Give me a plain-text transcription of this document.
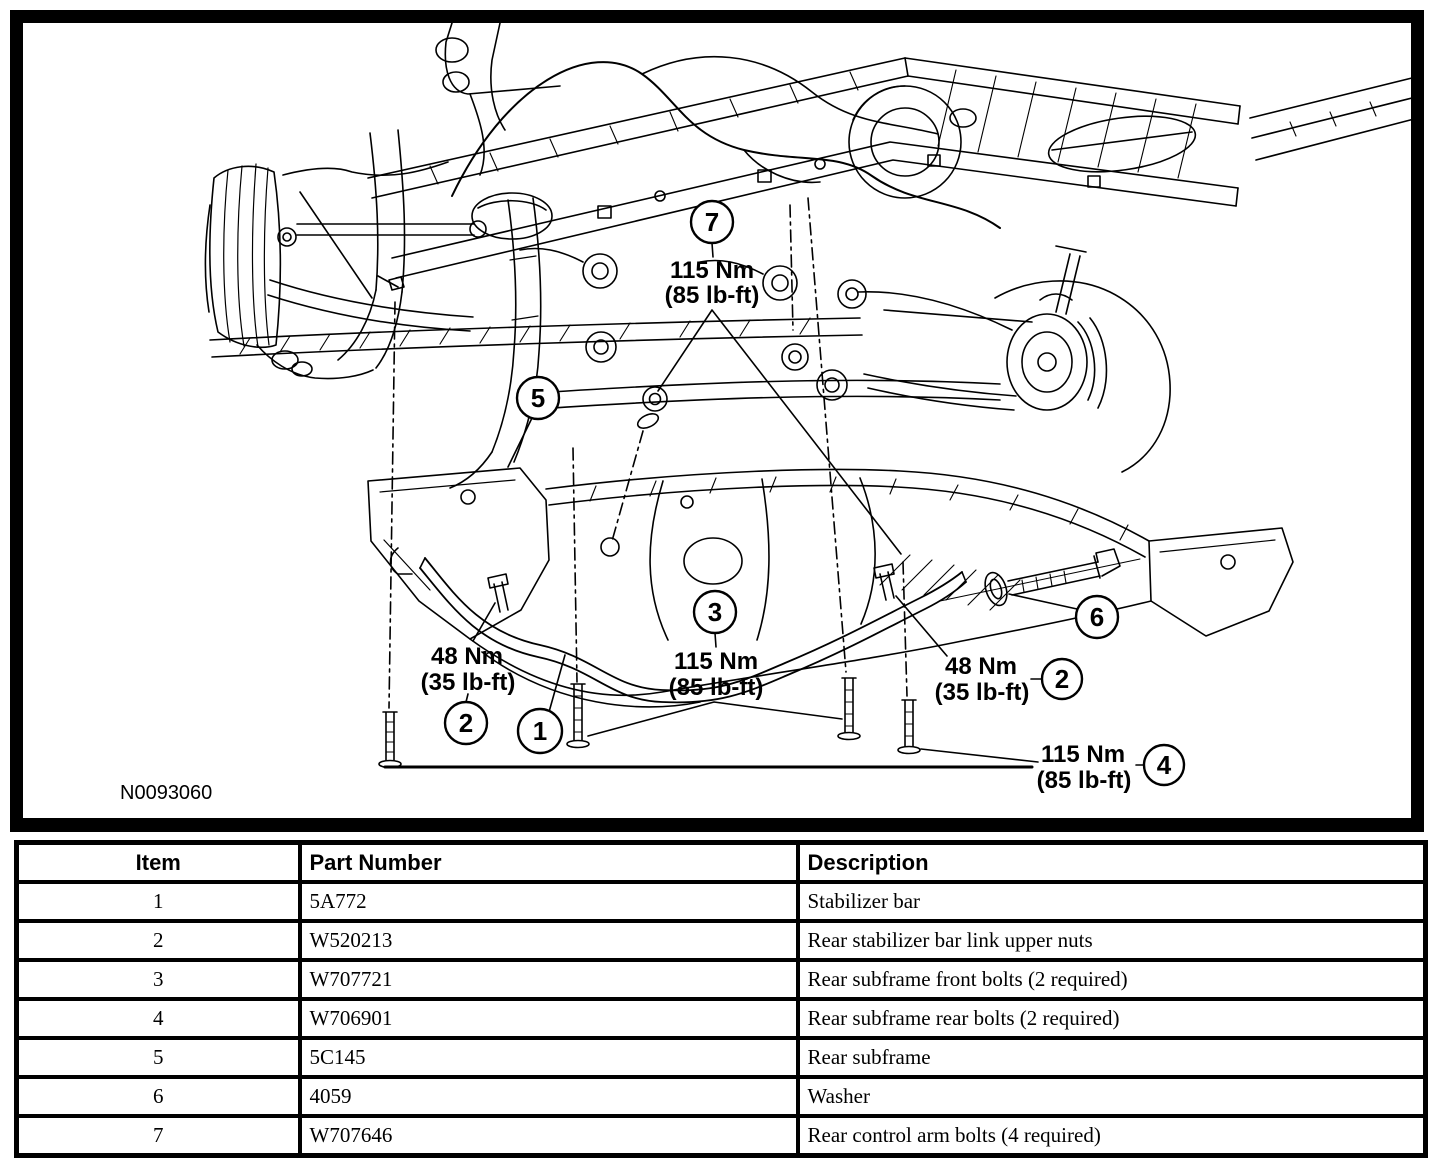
7
5
3
2 1
6
2
4
115 Nm
(85 lb-ft)
48 Nm
(35 lb-ft)
115 Nm
(85 lb-ft)
48 Nm
(35 lb-ft)
115 Nm
(85 lb-ft)
N0093060
Item	Part Number	Description
1	5A772	Stabilizer bar
2	W520213	Rear stabilizer bar link upper nuts
3	W707721	Rear subframe front bolts (2 required)
4	W706901	Rear subframe rear bolts (2 required)
5	5C145	Rear subframe
6	4059	Washer
7	W707646	Rear control arm bolts (4 required)
